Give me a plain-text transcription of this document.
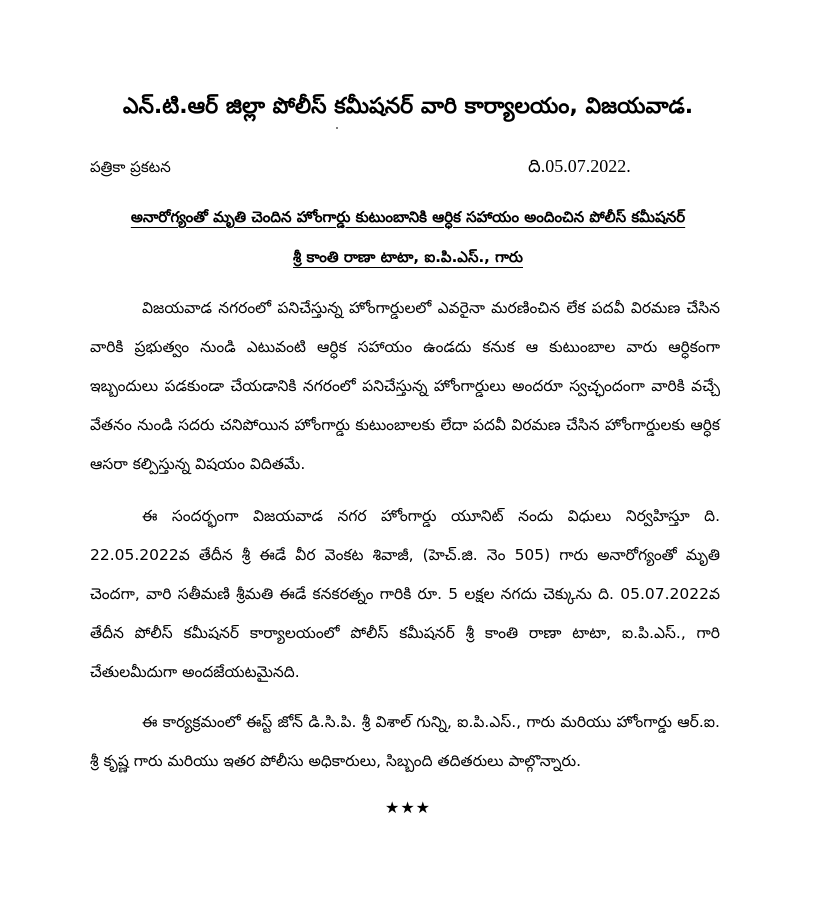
ఎన్.టి.ఆర్ జిల్లా పోలీస్ కమీషనర్ వారి కార్యాలయం, విజయవాడ.
పత్రికా ప్రకటన	ది.05.07.2022.
అనారోగ్యంతో మృతి చెందిన హోంగార్డు కుటుంబానికి ఆర్ధిక సహాయం అందించిన పోలీస్ కమీషనర్
శ్రీ కాంతి రాణా టాటా, ఐ.పి.ఎస్., గారు
విజయవాడ నగరంలో పనిచేస్తున్న హోంగార్డులలో ఎవరైనా మరణించిన లేక పదవీ విరమణ చేసిన వారికి ప్రభుత్వం నుండి ఎటువంటి ఆర్ధిక సహాయం ఉండదు కనుక ఆ కుటుంబాల వారు ఆర్ధికంగా ఇబ్బందులు పడకుండా చేయడానికి నగరంలో పనిచేస్తున్న హోంగార్డులు అందరూ స్వచ్ఛందంగా వారికి వచ్చే వేతనం నుండి సదరు చనిపోయిన హోంగార్డు కుటుంబాలకు లేదా పదవీ విరమణ చేసిన హోంగార్డులకు ఆర్ధిక ఆసరా కల్పిస్తున్న విషయం విదితమే.
ఈ సందర్భంగా విజయవాడ నగర హోంగార్డు యూనిట్ నందు విధులు నిర్వహిస్తూ ది. 22.05.2022వ తేదీన శ్రీ ఈడే వీర వెంకట శివాజీ, (హెచ్.జి. నెం 505) గారు అనారోగ్యంతో మృతి చెందగా, వారి సతీమణి శ్రీమతి ఈడే కనకరత్నం గారికి రూ. 5 లక్షల నగదు చెక్కును ది. 05.07.2022వ తేదీన పోలీస్ కమీషనర్ కార్యాలయంలో పోలీస్ కమీషనర్ శ్రీ కాంతి రాణా టాటా, ఐ.పి.ఎస్., గారి చేతులమీదుగా అందజేయటమైనది.
ఈ కార్యక్రమంలో ఈస్ట్ జోన్ డి.సి.పి. శ్రీ విశాల్ గున్ని, ఐ.పి.ఎస్., గారు మరియు హోంగార్డు ఆర్.ఐ. శ్రీ కృష్ణ గారు మరియు ఇతర పోలీసు అధికారులు, సిబ్బంది తదితరులు పాల్గొన్నారు.
★★★
